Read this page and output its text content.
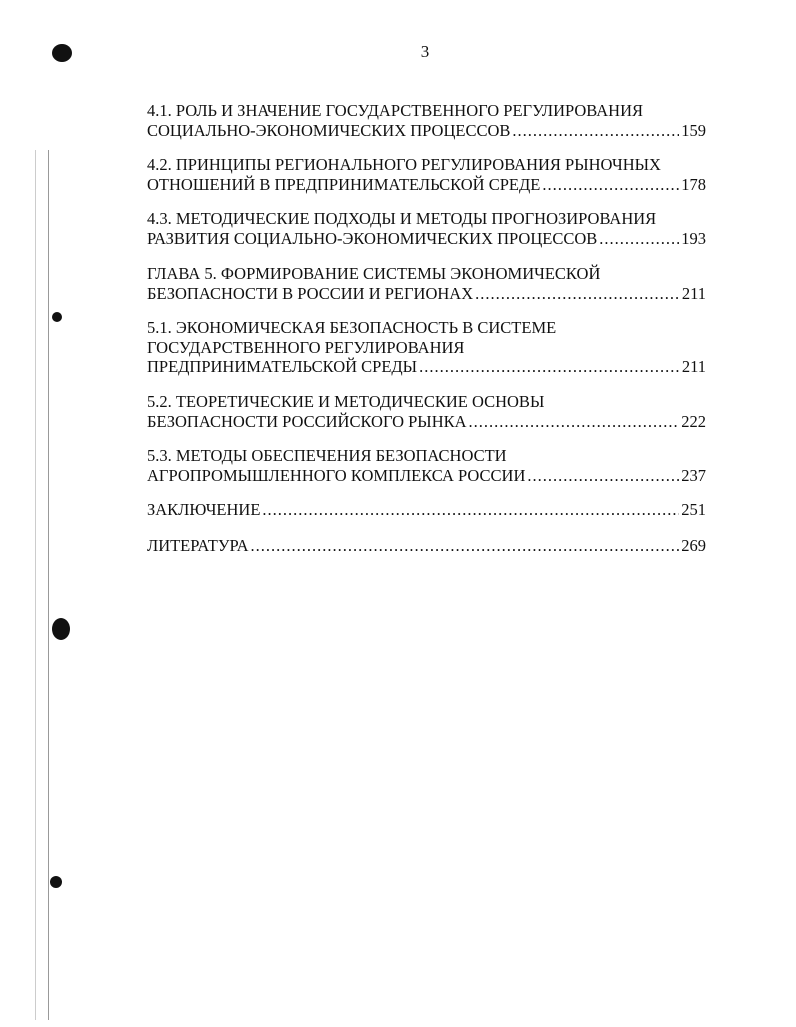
3
4.1. РОЛЬ И ЗНАЧЕНИЕ ГОСУДАРСТВЕННОГО РЕГУЛИРОВАНИЯ
СОЦИАЛЬНО-ЭКОНОМИЧЕСКИХ ПРОЦЕССОВ .....	159
4.2. ПРИНЦИПЫ РЕГИОНАЛЬНОГО РЕГУЛИРОВАНИЯ РЫНОЧНЫХ
ОТНОШЕНИЙ В ПРЕДПРИНИМАТЕЛЬСКОЙ СРЕДЕ .....	178
4.3. МЕТОДИЧЕСКИЕ ПОДХОДЫ И МЕТОДЫ ПРОГНОЗИРОВАНИЯ
РАЗВИТИЯ СОЦИАЛЬНО-ЭКОНОМИЧЕСКИХ ПРОЦЕССОВ .....	193
ГЛАВА 5. ФОРМИРОВАНИЕ СИСТЕМЫ ЭКОНОМИЧЕСКОЙ
БЕЗОПАСНОСТИ В РОССИИ И РЕГИОНАХ .....	211
5.1. ЭКОНОМИЧЕСКАЯ БЕЗОПАСНОСТЬ В СИСТЕМЕ
ГОСУДАРСТВЕННОГО РЕГУЛИРОВАНИЯ
ПРЕДПРИНИМАТЕЛЬСКОЙ СРЕДЫ .....	211
5.2. ТЕОРЕТИЧЕСКИЕ И МЕТОДИЧЕСКИЕ ОСНОВЫ
БЕЗОПАСНОСТИ РОССИЙСКОГО РЫНКА .....	222
5.3. МЕТОДЫ ОБЕСПЕЧЕНИЯ БЕЗОПАСНОСТИ
АГРОПРОМЫШЛЕННОГО КОМПЛЕКСА РОССИИ .....	237
ЗАКЛЮЧЕНИЕ .....	251
ЛИТЕРАТУРА .....	269
